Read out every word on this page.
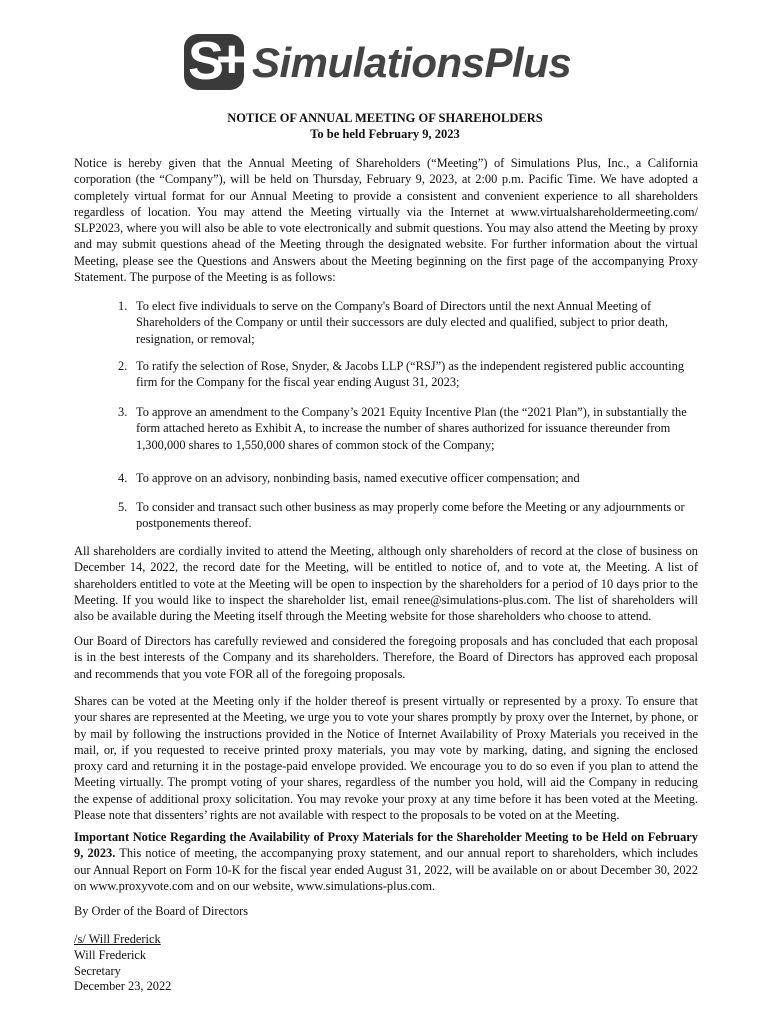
S
+ SimulationsPlus
NOTICE OF ANNUAL MEETING OF SHAREHOLDERS
To be held February 9, 2023

Notice is hereby given that the Annual Meeting of Shareholders (“Meeting”) of Simulations Plus, Inc., a California corporation (the “Company”), will be held on Thursday, February 9, 2023, at 2:00 p.m. Pacific Time. We have adopted a completely virtual format for our Annual Meeting to provide a consistent and convenient experience to all shareholders regardless of location. You may attend the Meeting virtually via the Internet at www.virtualshareholdermeeting.com/ SLP2023, where you will also be able to vote electronically and submit questions. You may also attend the Meeting by proxy and may submit questions ahead of the Meeting through the designated website. For further information about the virtual Meeting, please see the Questions and Answers about the Meeting beginning on the first page of the accompanying Proxy Statement. The purpose of the Meeting is as follows:

1. To elect five individuals to serve on the Company's Board of Directors until the next Annual Meeting of Shareholders of the Company or until their successors are duly elected and qualified, subject to prior death, resignation, or removal;
2. To ratify the selection of Rose, Snyder, & Jacobs LLP (“RSJ”) as the independent registered public accounting firm for the Company for the fiscal year ending August 31, 2023;
3. To approve an amendment to the Company’s 2021 Equity Incentive Plan (the “2021 Plan”), in substantially the form attached hereto as Exhibit A, to increase the number of shares authorized for issuance thereunder from 1,300,000 shares to 1,550,000 shares of common stock of the Company;
4. To approve on an advisory, nonbinding basis, named executive officer compensation; and
5. To consider and transact such other business as may properly come before the Meeting or any adjournments or postponements thereof.

All shareholders are cordially invited to attend the Meeting, although only shareholders of record at the close of business on December 14, 2022, the record date for the Meeting, will be entitled to notice of, and to vote at, the Meeting. A list of shareholders entitled to vote at the Meeting will be open to inspection by the shareholders for a period of 10 days prior to the Meeting. If you would like to inspect the shareholder list, email renee@simulations-plus.com. The list of shareholders will also be available during the Meeting itself through the Meeting website for those shareholders who choose to attend.

Our Board of Directors has carefully reviewed and considered the foregoing proposals and has concluded that each proposal is in the best interests of the Company and its shareholders. Therefore, the Board of Directors has approved each proposal and recommends that you vote FOR all of the foregoing proposals.

Shares can be voted at the Meeting only if the holder thereof is present virtually or represented by a proxy. To ensure that your shares are represented at the Meeting, we urge you to vote your shares promptly by proxy over the Internet, by phone, or by mail by following the instructions provided in the Notice of Internet Availability of Proxy Materials you received in the mail, or, if you requested to receive printed proxy materials, you may vote by marking, dating, and signing the enclosed proxy card and returning it in the postage-paid envelope provided. We encourage you to do so even if you plan to attend the Meeting virtually. The prompt voting of your shares, regardless of the number you hold, will aid the Company in reducing the expense of additional proxy solicitation. You may revoke your proxy at any time before it has been voted at the Meeting. Please note that dissenters’ rights are not available with respect to the proposals to be voted on at the Meeting.

Important Notice Regarding the Availability of Proxy Materials for the Shareholder Meeting to be Held on February 9, 2023. This notice of meeting, the accompanying proxy statement, and our annual report to shareholders, which includes our Annual Report on Form 10-K for the fiscal year ended August 31, 2022, will be available on or about December 30, 2022 on www.proxyvote.com and on our website, www.simulations-plus.com.

By Order of the Board of Directors
/s/ Will Frederick
Will Frederick
Secretary
December 23, 2022
